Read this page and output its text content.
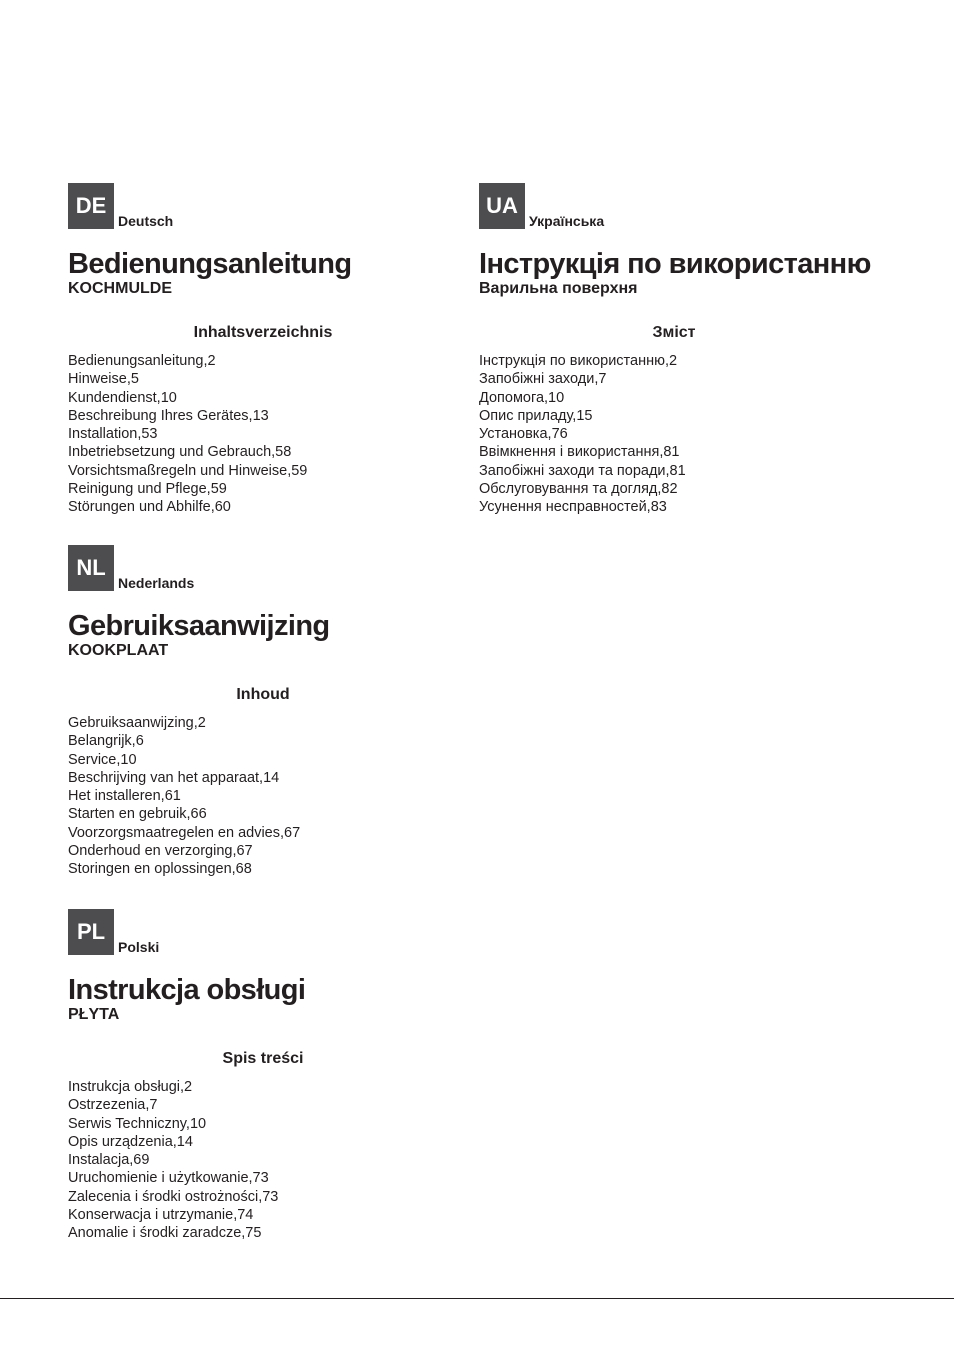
DE
Deutsch
Bedienungsanleitung
KOCHMULDE
Inhaltsverzeichnis
Bedienungsanleitung,2
Hinweise,5
Kundendienst,10
Beschreibung Ihres Gerätes,13
Installation,53
Inbetriebsetzung und Gebrauch,58
Vorsichtsmaßregeln und Hinweise,59
Reinigung und Pflege,59
Störungen und Abhilfe,60
UA
Українська
Інструкція по використанню
Варильна поверхня
Зміст
Інструкція по використанню,2
Запобіжні заходи,7
Допомога,10
Опис приладу,15
Установка,76
Ввімкнення і використання,81
Запобіжні заходи та поради,81
Обслуговування та догляд,82
Усунення несправностей,83
NL
Nederlands
Gebruiksaanwijzing
KOOKPLAAT
Inhoud
Gebruiksaanwijzing,2
Belangrijk,6
Service,10
Beschrijving van het apparaat,14
Het installeren,61
Starten en gebruik,66
Voorzorgsmaatregelen en advies,67
Onderhoud en verzorging,67
Storingen en oplossingen,68
PL
Polski
Instrukcja obsługi
PŁYTA
Spis treści
Instrukcja obsługi,2
Ostrzezenia,7
Serwis Techniczny,10
Opis urządzenia,14
Instalacja,69
Uruchomienie i użytkowanie,73
Zalecenia i środki ostrożności,73
Konserwacja i utrzymanie,74
Anomalie i środki zaradcze,75
